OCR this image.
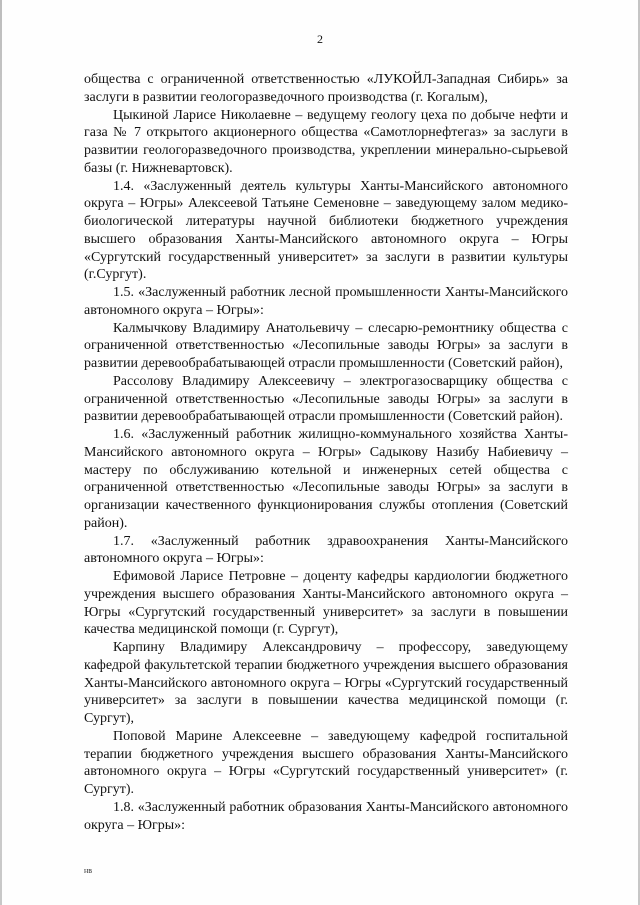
2

общества с ограниченной ответственностью «ЛУКОЙЛ-Западная Сибирь» за заслуги в развитии геологоразведочного производства (г. Когалым),

Цыкиной Ларисе Николаевне – ведущему геологу цеха по добыче нефти и газа № 7 открытого акционерного общества «Самотлорнефтегаз» за заслуги в развитии геологоразведочного производства, укреплении минерально-сырьевой базы (г. Нижневартовск).

1.4. «Заслуженный деятель культуры Ханты-Мансийского автономного округа – Югры» Алексеевой Татьяне Семеновне – заведующему залом медико-биологической литературы научной библиотеки бюджетного учреждения высшего образования Ханты-Мансийского автономного округа – Югры «Сургутский государственный университет» за заслуги в развитии культуры (г.Сургут).

1.5. «Заслуженный работник лесной промышленности Ханты-Мансийского автономного округа – Югры»:

Калмычкову Владимиру Анатольевичу – слесарю-ремонтнику общества с ограниченной ответственностью «Лесопильные заводы Югры» за заслуги в развитии деревообрабатывающей отрасли промышленности (Советский район),

Рассолову Владимиру Алексеевичу – электрогазосварщику общества с ограниченной ответственностью «Лесопильные заводы Югры» за заслуги в развитии деревообрабатывающей отрасли промышленности (Советский район).

1.6. «Заслуженный работник жилищно-коммунального хозяйства Ханты-Мансийского автономного округа – Югры» Садыкову Назибу Набиевичу – мастеру по обслуживанию котельной и инженерных сетей общества с ограниченной ответственностью «Лесопильные заводы Югры» за заслуги в организации качественного функционирования службы отопления (Советский район).

1.7. «Заслуженный работник здравоохранения Ханты-Мансийского автономного округа – Югры»:

Ефимовой Ларисе Петровне – доценту кафедры кардиологии бюджетного учреждения высшего образования Ханты-Мансийского автономного округа – Югры «Сургутский государственный университет» за заслуги в повышении качества медицинской помощи (г. Сургут),

Карпину Владимиру Александровичу – профессору, заведующему кафедрой факультетской терапии бюджетного учреждения высшего образования Ханты-Мансийского автономного округа – Югры «Сургутский государственный университет» за заслуги в повышении качества медицинской помощи (г. Сургут),

Поповой Марине Алексеевне – заведующему кафедрой госпитальной терапии бюджетного учреждения высшего образования Ханты-Мансийского автономного округа – Югры «Сургутский государственный университет» (г. Сургут).

1.8. «Заслуженный работник образования Ханты-Мансийского автономного округа – Югры»:

нв
